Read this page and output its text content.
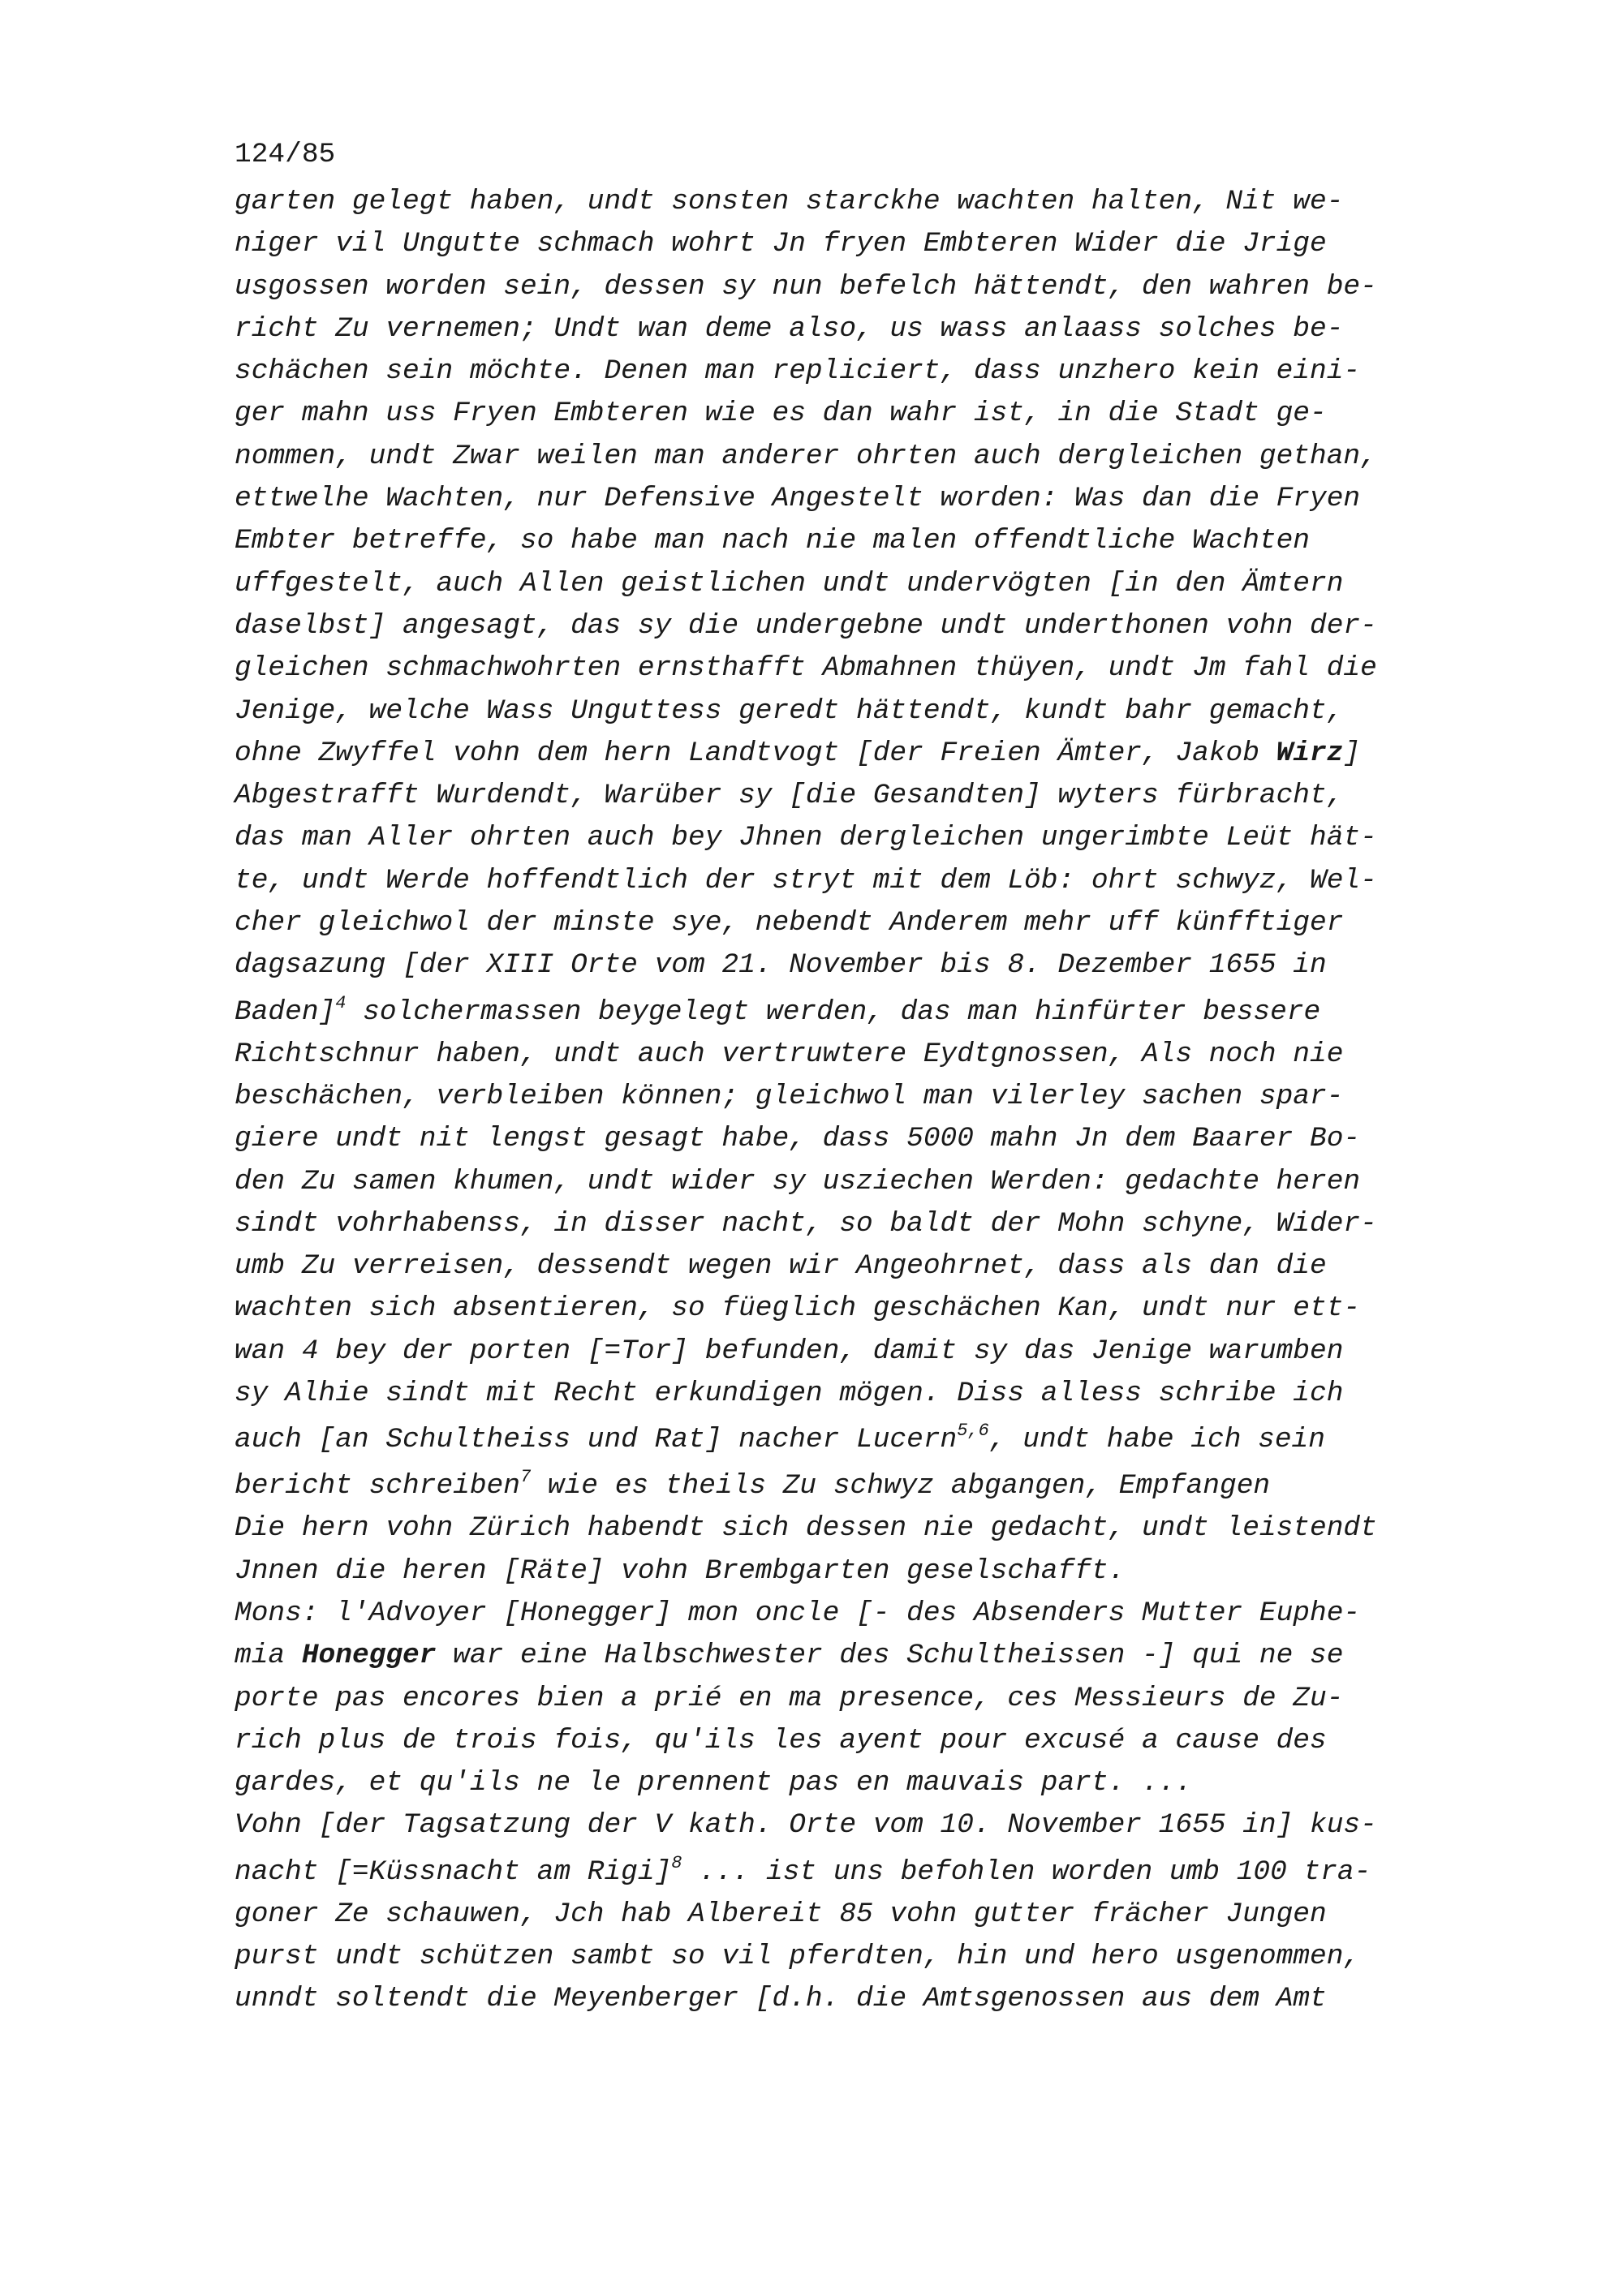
124/85
garten gelegt haben, undt sonsten starckhe wachten halten, Nit we-
niger vil Ungutte schmach wohrt Jn fryen Embteren Wider die Jrige
usgossen worden sein, dessen sy nun befelch hättendt, den wahren be-
richt Zu vernemen; Undt wan deme also, us wass anlaass solches be-
schächen sein möchte. Denen man repliciert, dass unzhero kein eini-
ger mahn uss Fryen Embteren wie es dan wahr ist, in die Stadt ge-
nommen, undt Zwar weilen man anderer ohrten auch dergleichen gethan,
ettwelhe Wachten, nur Defensive Angestelt worden: Was dan die Fryen
Embter betreffe, so habe man nach nie malen offendtliche Wachten
uffgestelt, auch Allen geistlichen undt undervögten [in den Ämtern
daselbst] angesagt, das sy die undergebne undt underthonen vohn der-
gleichen schmachwohrten ernsthafft Abmahnen thüyen, undt Jm fahl die
Jenige, welche Wass Unguttess geredt hättendt, kundt bahr gemacht,
ohne Zwyffel vohn dem hern Landtvogt [der Freien Ämter, Jakob Wirz]
Abgestrafft Wurdendt, Warüber sy [die Gesandten] wyters fürbracht,
das man Aller ohrten auch bey Jhnen dergleichen ungerimbte Leüt hät-
te, undt Werde hoffendtlich der stryt mit dem Löb: ohrt schwyz, Wel-
cher gleichwol der minste sye, nebendt Anderem mehr uff künfftiger
dagsazung [der XIII Orte vom 21. November bis 8. Dezember 1655 in
Baden]$^4$ solchermassen beygelegt werden, das man hinfürter bessere
Richtschnur haben, undt auch vertruwtere Eydtgnossen, Als noch nie
beschächen, verbleiben können; gleichwol man vilerley sachen spar-
giere undt nit lengst gesagt habe, dass 5000 mahn Jn dem Baarer Bo-
den Zu samen khumen, undt wider sy usziechen Werden: gedachte heren
sindt vohrhabenss, in disser nacht, so baldt der Mohn schyne, Wider-
umb Zu verreisen, dessendt wegen wir Angeohrnet, dass als dan die
wachten sich absentieren, so füeglich geschächen Kan, undt nur ett-
wan 4 bey der porten [=Tor] befunden, damit sy das Jenige warumben
sy Alhie sindt mit Recht erkundigen mögen. Diss alless schribe ich
auch [an Schultheiss und Rat] nacher Lucern$^{5,6}$, undt habe ich sein
bericht schreiben$^7$ wie es theils Zu schwyz abgangen, Empfangen
Die hern vohn Zürich habendt sich dessen nie gedacht, undt leistendt
Jnnen die heren [Räte] vohn Brembgarten geselschafft.
Mons: l'Advoyer [Honegger] mon oncle [- des Absenders Mutter Euphe-
mia Honegger war eine Halbschwester des Schultheissen -] qui ne se
porte pas encores bien a prié en ma presence, ces Messieurs de Zu-
rich plus de trois fois, qu'ils les ayent pour excusé a cause des
gardes, et qu'ils ne le prennent pas en mauvais part. ...
Vohn [der Tagsatzung der V kath. Orte vom 10. November 1655 in] kus-
nacht [=Küssnacht am Rigi]$^8$ ... ist uns befohlen worden umb 100 tra-
goner Ze schauwen, Jch hab Albereit 85 vohn gutter frächer Jungen
purst undt schützen sambt so vil pferdten, hin und hero usgenommen,
unndt soltendt die Meyenberger [d.h. die Amtsgenossen aus dem Amt
